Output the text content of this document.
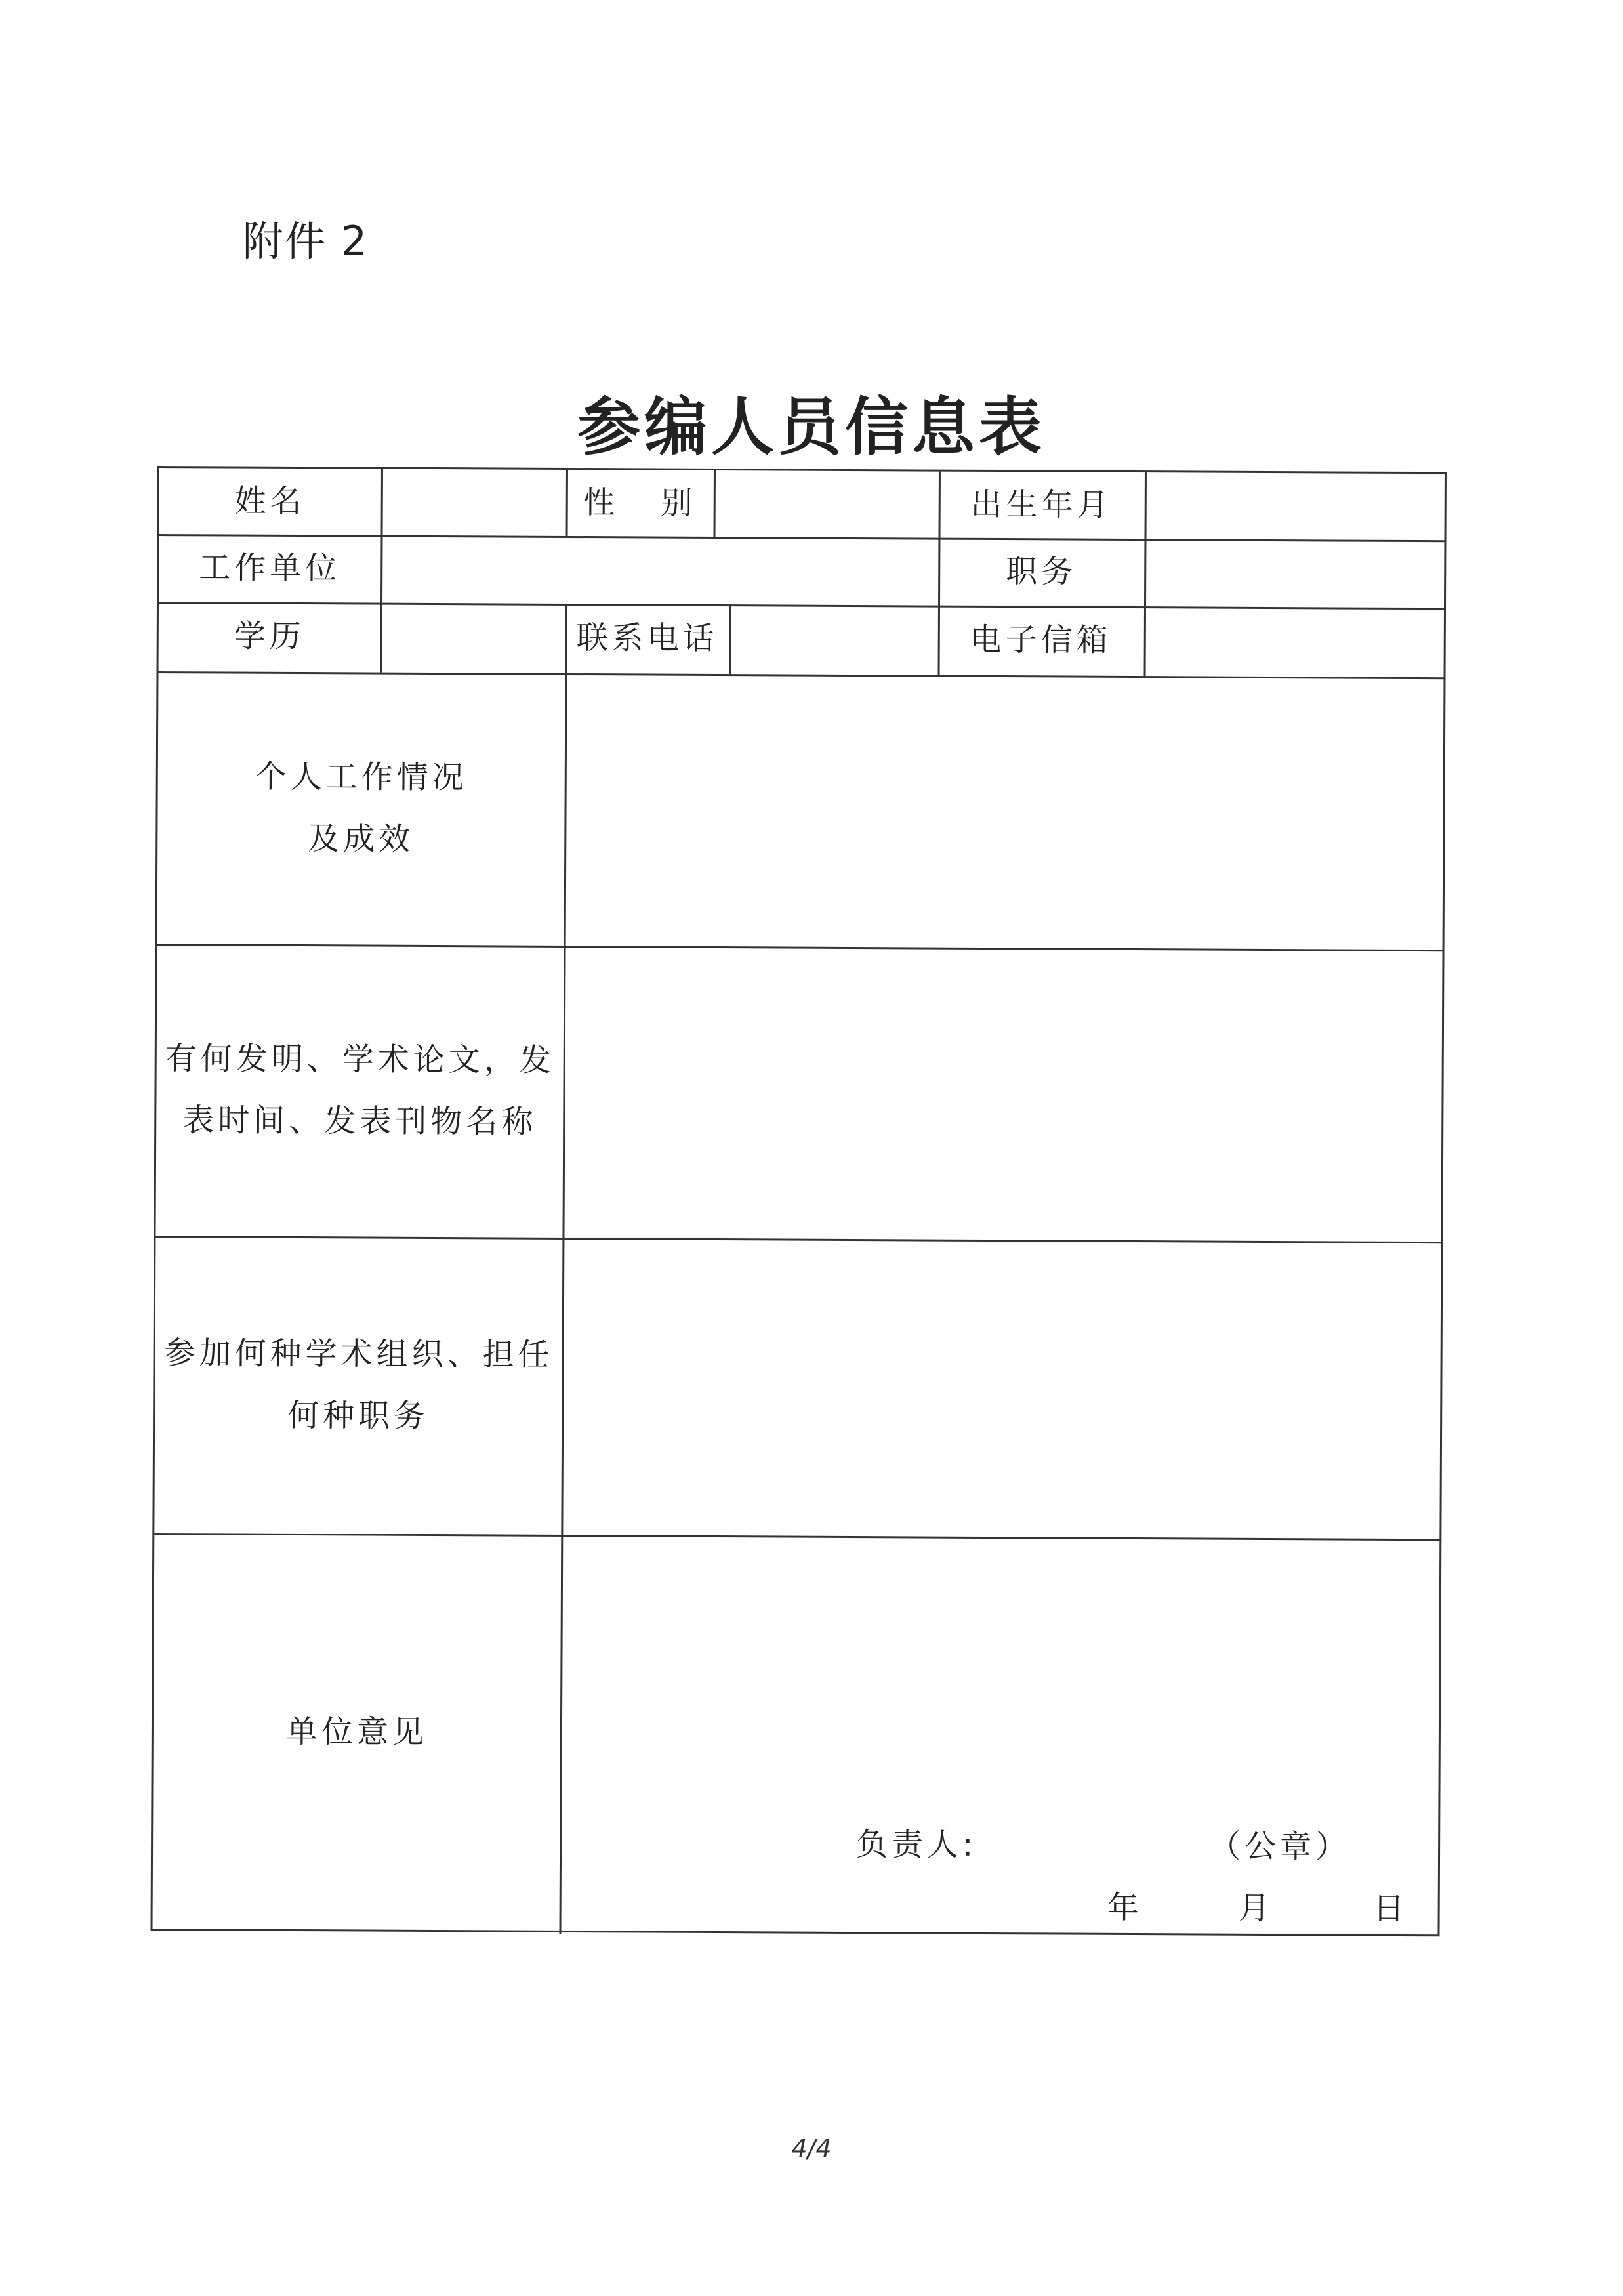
附件 2
参编人员信息表
姓名	性   别	出生年月
工作单位	职务
学历	联系电话	电子信箱
个人工作情况
及成效
有何发明、学术论文，发
表时间、发表刊物名称
参加何种学术组织、担任
何种职务
单位意见
负责人:	（公章）
年	月	日
4/4
